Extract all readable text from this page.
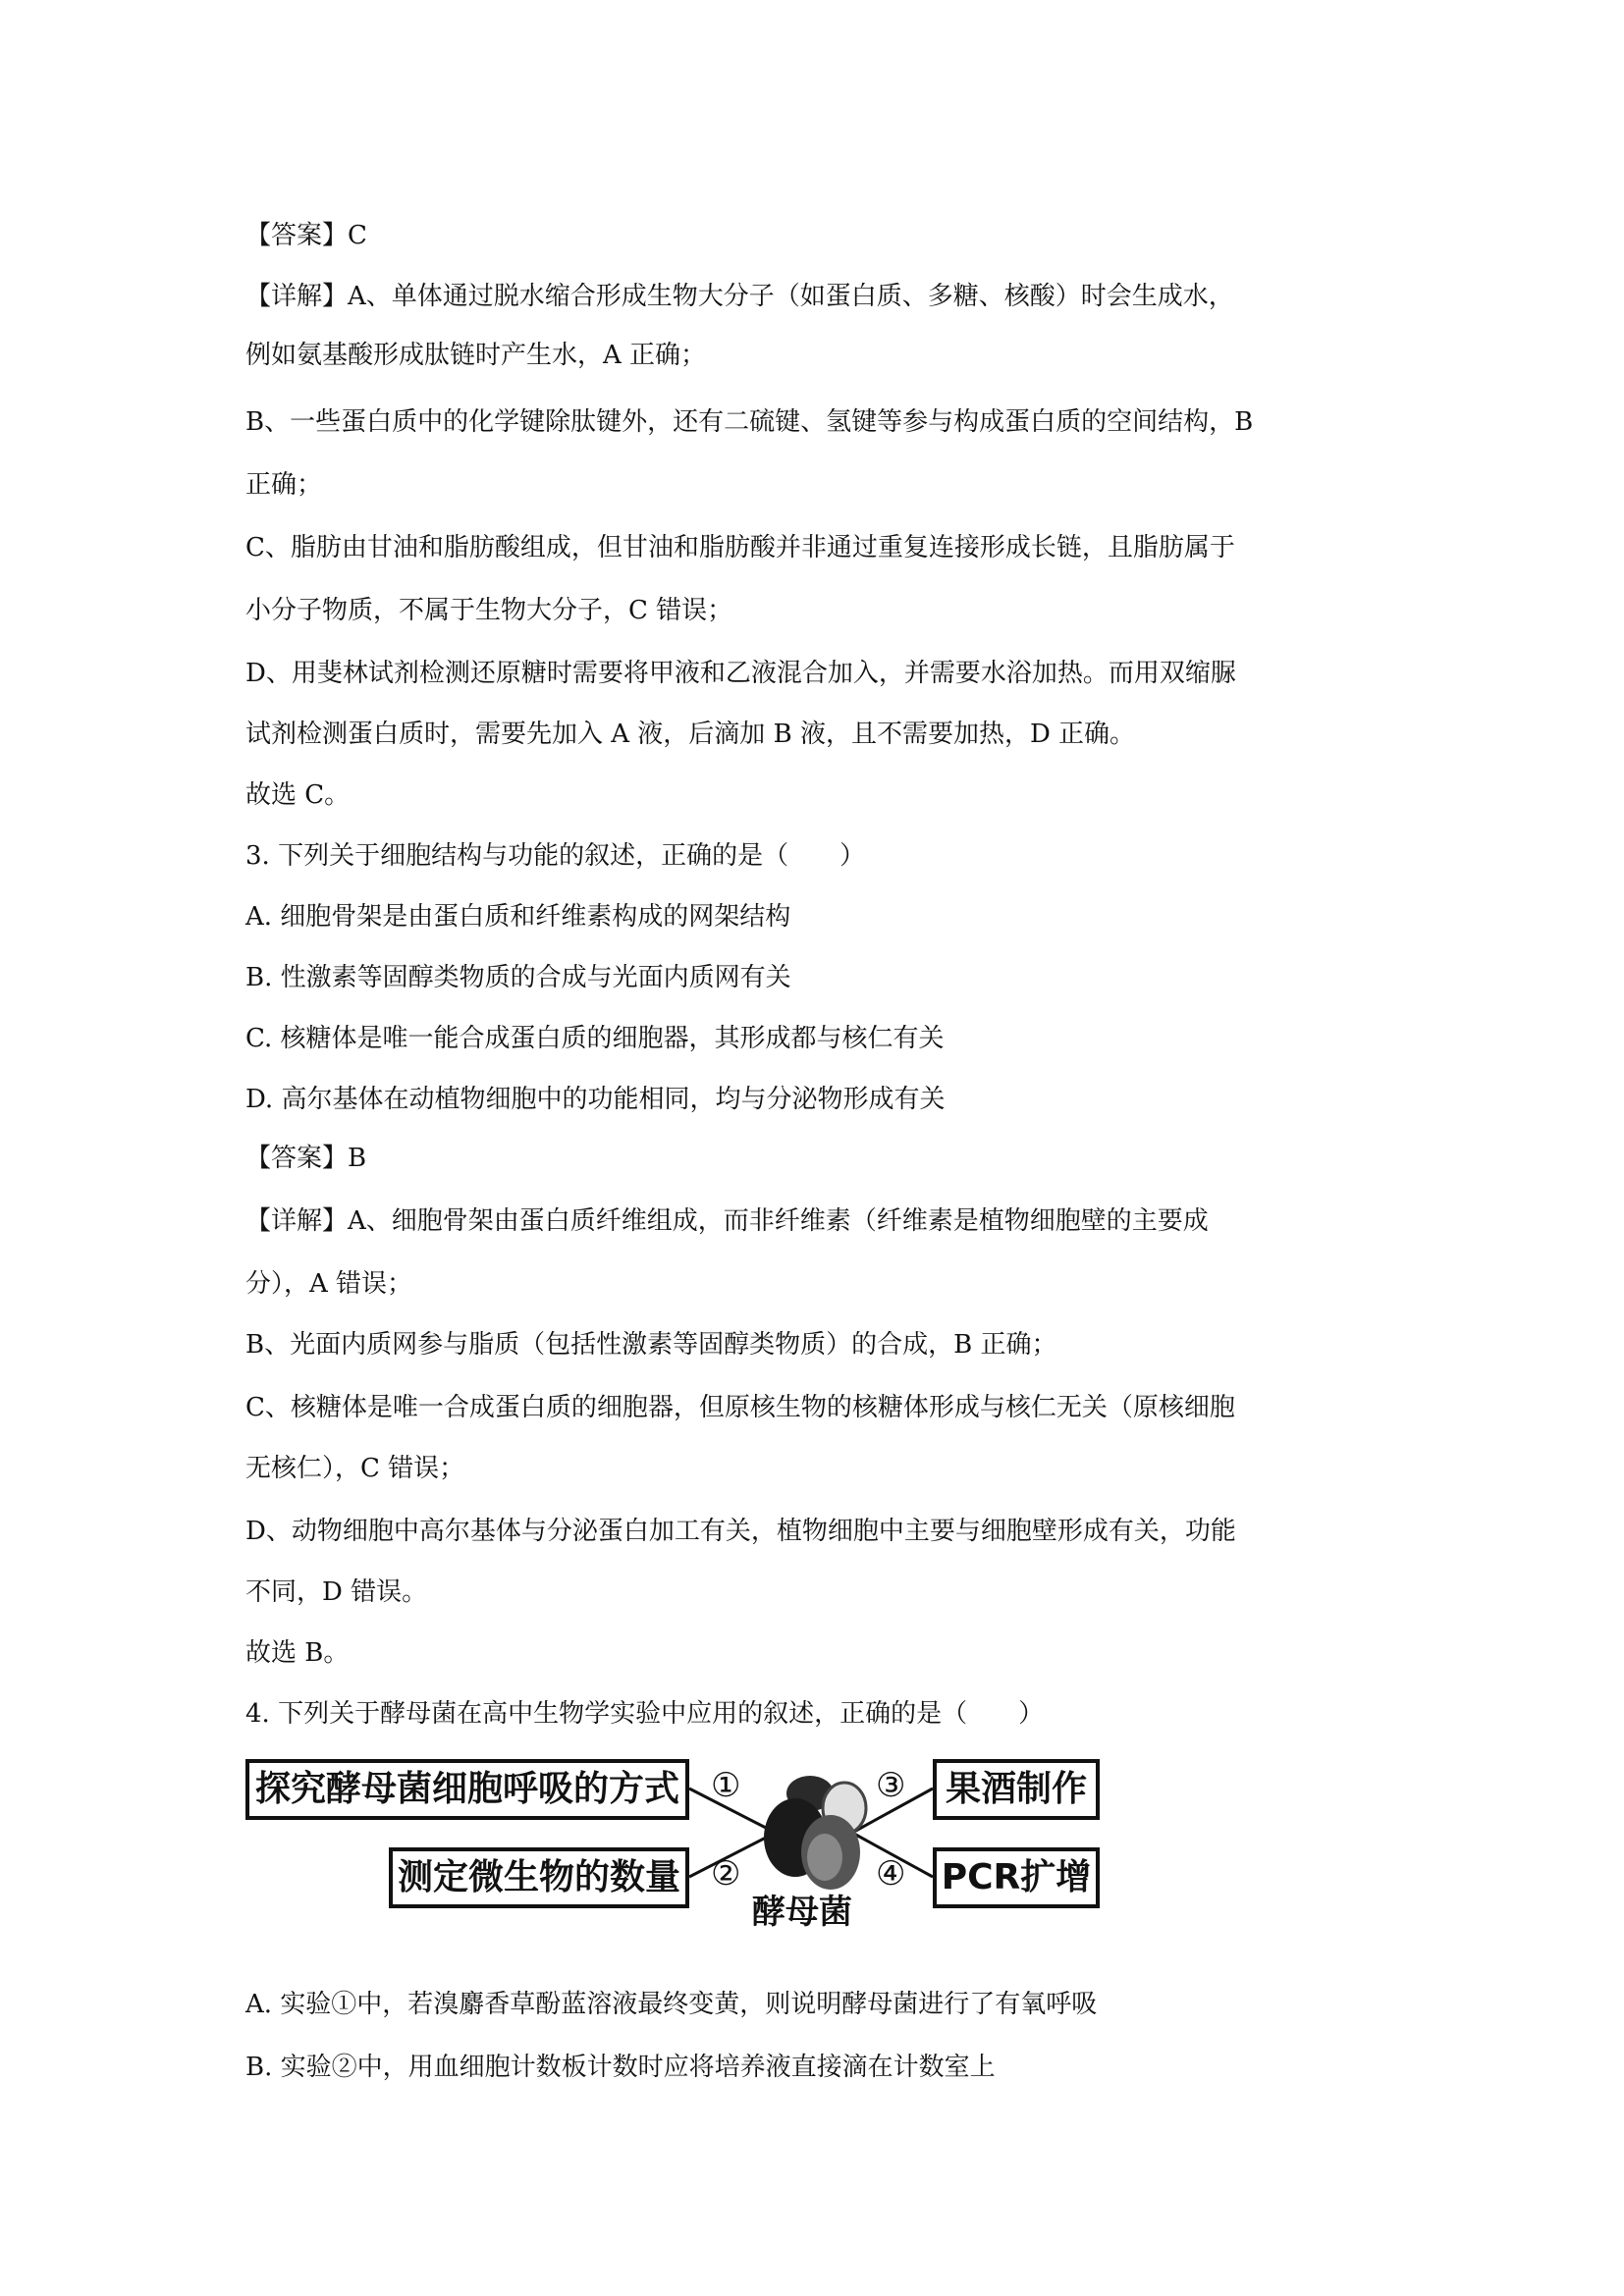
【答案】C
【详解】A、单体通过脱水缩合形成生物大分子（如蛋白质、多糖、核酸）时会生成水，
例如氨基酸形成肽链时产生水，A 正确；
B、一些蛋白质中的化学键除肽键外，还有二硫键、氢键等参与构成蛋白质的空间结构，B
正确；
C、脂肪由甘油和脂肪酸组成，但甘油和脂肪酸并非通过重复连接形成长链，且脂肪属于
小分子物质，不属于生物大分子，C 错误；
D、用斐林试剂检测还原糖时需要将甲液和乙液混合加入，并需要水浴加热。而用双缩脲
试剂检测蛋白质时，需要先加入 A 液，后滴加 B 液，且不需要加热，D 正确。
故选 C。
3. 下列关于细胞结构与功能的叙述，正确的是（　　）
A. 细胞骨架是由蛋白质和纤维素构成的网架结构
B. 性激素等固醇类物质的合成与光面内质网有关
C. 核糖体是唯一能合成蛋白质的细胞器，其形成都与核仁有关
D. 高尔基体在动植物细胞中的功能相同，均与分泌物形成有关
【答案】B
【详解】A、细胞骨架由蛋白质纤维组成，而非纤维素（纤维素是植物细胞壁的主要成
分），A 错误；
B、光面内质网参与脂质（包括性激素等固醇类物质）的合成，B 正确；
C、核糖体是唯一合成蛋白质的细胞器，但原核生物的核糖体形成与核仁无关（原核细胞
无核仁），C 错误；
D、动物细胞中高尔基体与分泌蛋白加工有关，植物细胞中主要与细胞壁形成有关，功能
不同，D 错误。
故选 B。
4. 下列关于酵母菌在高中生物学实验中应用的叙述，正确的是（　　）
探究酵母菌细胞呼吸的方式
测定微生物的数量
果酒制作
PCR扩增
①
②
③
④
酵母菌
A. 实验①中，若溴麝香草酚蓝溶液最终变黄，则说明酵母菌进行了有氧呼吸
B. 实验②中，用血细胞计数板计数时应将培养液直接滴在计数室上
